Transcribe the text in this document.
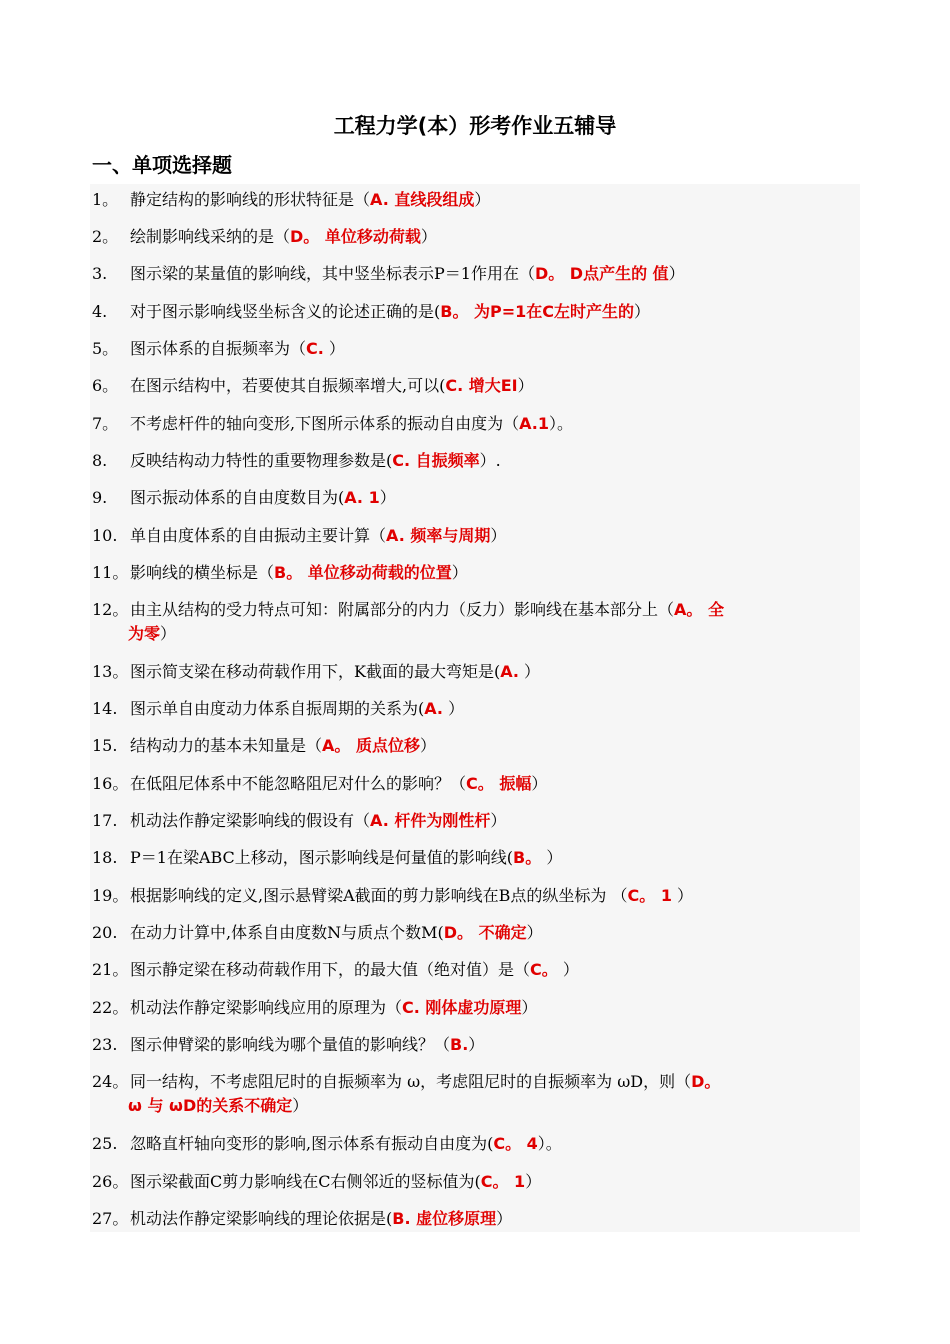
工程力学(本）形考作业五辅导
一、单项选择题
1。 静定结构的影响线的形状特征是（A. 直线段组成）
2。 绘制影响线采纳的是（D。 单位移动荷载）
3. 图示梁的某量值的影响线，其中竖坐标表示P＝1作用在（D。 D点产生的 值）
4. 对于图示影响线竖坐标含义的论述正确的是(B。 为P=1在C左时产生的）
5。 图示体系的自振频率为（C. ）
6。 在图示结构中，若要使其自振频率增大,可以(C. 增大EI）
7。 不考虑杆件的轴向变形,下图所示体系的振动自由度为（A.1）。
8. 反映结构动力特性的重要物理参数是(C. 自振频率）.
9. 图示振动体系的自由度数目为(A. 1）
10. 单自由度体系的自由振动主要计算（A. 频率与周期）
11。 影响线的横坐标是（B。 单位移动荷载的位置）
12。 由主从结构的受力特点可知：附属部分的内力（反力）影响线在基本部分上（A。 全
为零）
13。 图示简支梁在移动荷载作用下，K截面的最大弯矩是(A. ）
14. 图示单自由度动力体系自振周期的关系为(A. ）
15. 结构动力的基本未知量是（A。 质点位移）
16。 在低阻尼体系中不能忽略阻尼对什么的影响？（C。 振幅）
17. 机动法作静定梁影响线的假设有（A. 杆件为刚性杆）
18. P＝1在梁ABC上移动，图示影响线是何量值的影响线(B。 ）
19。 根据影响线的定义,图示悬臂梁A截面的剪力影响线在B点的纵坐标为 （C。 1 ）
20. 在动力计算中,体系自由度数N与质点个数M(D。 不确定）
21。 图示静定梁在移动荷载作用下，的最大值（绝对值）是（C。 ）
22。 机动法作静定梁影响线应用的原理为（C. 刚体虚功原理）
23. 图示伸臂梁的影响线为哪个量值的影响线？（B.）
24。 同一结构，不考虑阻尼时的自振频率为 ω，考虑阻尼时的自振频率为 ωD，则（D。
ω 与 ωD的关系不确定）
25. 忽略直杆轴向变形的影响,图示体系有振动自由度为(C。 4）。
26。 图示梁截面C剪力影响线在C右侧邻近的竖标值为(C。 1）
27。 机动法作静定梁影响线的理论依据是(B. 虚位移原理）
